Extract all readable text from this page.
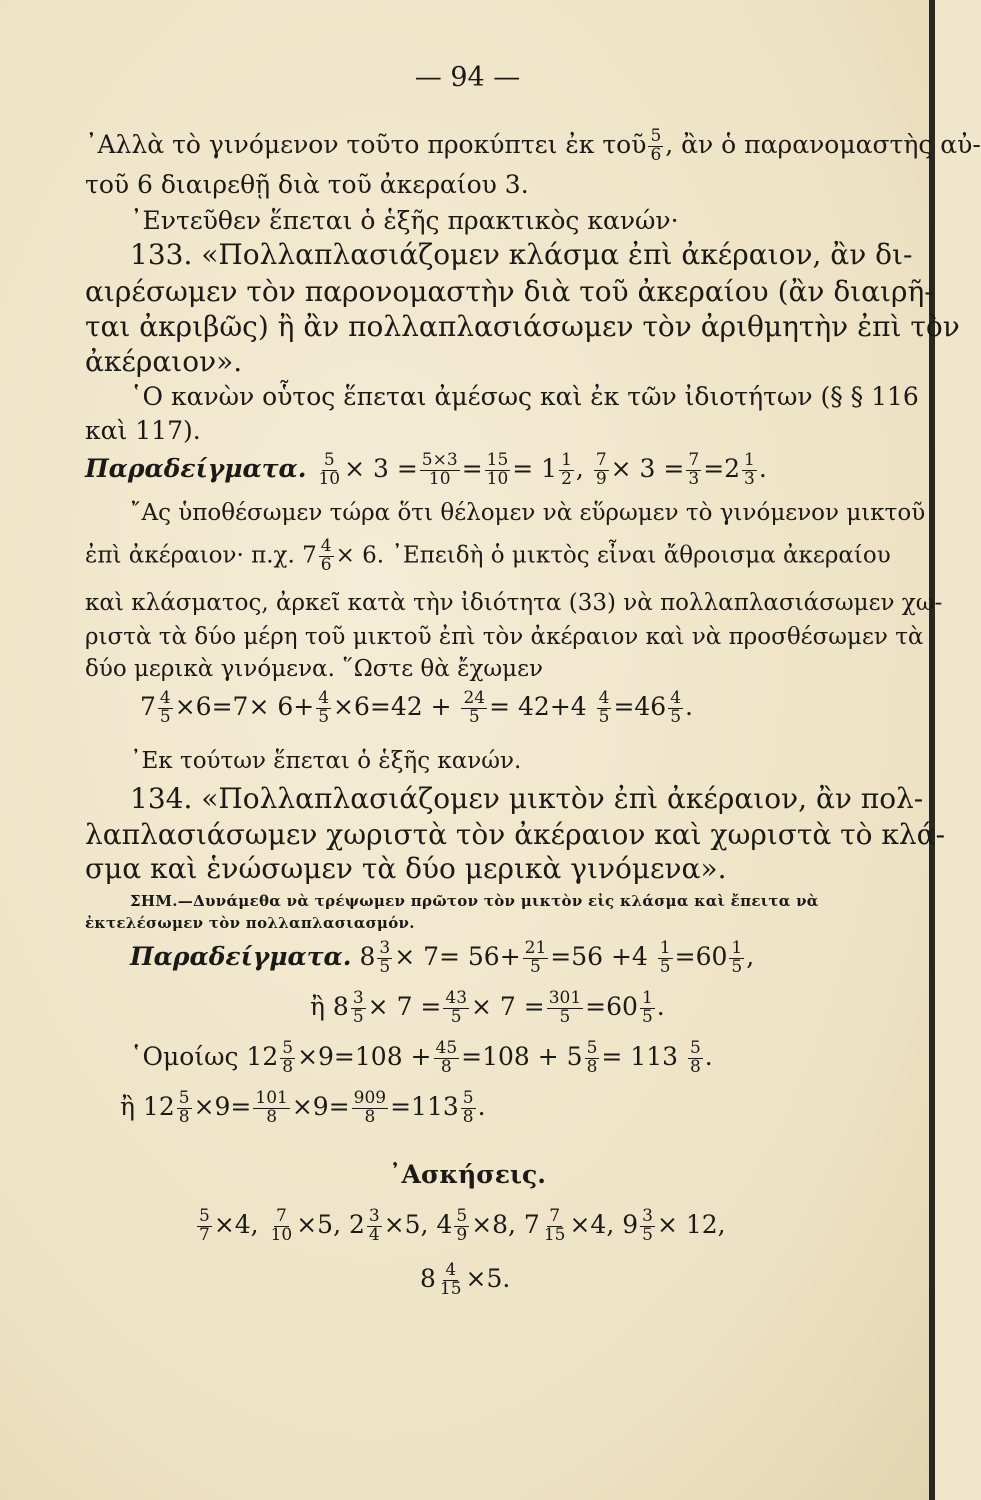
— 94 —
᾿Αλλὰ τὸ γινόμενον τοῦτο προκύπτει ἐκ τοῦ $\frac{5}{6}$ , ἂν ὁ παρανομαστὴς αὐ-
τοῦ 6 διαιρεθῇ διὰ τοῦ ἀκεραίου 3.
᾿Εντεῦθεν ἕπεται ὁ ἑξῆς πρακτικὸς κανών·
133. «Πολλαπλασιάζομεν κλάσμα ἐπὶ ἀκέραιον, ἂν δι-
αιρέσωμεν τὸν παρονομαστὴν διὰ τοῦ ἀκεραίου (ἂν διαιρῆ-
ται ἀκριβῶς) ἢ ἂν πολλαπλασιάσωμεν τὸν ἀριθμητὴν ἐπὶ τὸν
ἀκέραιον».
῾Ο κανὼν οὗτος ἕπεται ἀμέσως καὶ ἐκ τῶν ἰδιοτήτων (§ § 116
καὶ 117).
Παραδείγματα. $\frac{5}{10} \times 3 = \frac{5\times 3}{10} = \frac{15}{10} = 1 \frac{1}{2}$ , $\frac{7}{9} \times 3 = \frac{7}{3} =2 \frac{1}{3}$ .
῎Ας ὑποθέσωμεν τώρα ὅτι θέλομεν νὰ εὕρωμεν τὸ γινόμενον μικτοῦ
ἐπὶ ἀκέραιον· π.χ. $7 \frac{4}{6} \times 6$. ᾿Επειδὴ ὁ μικτὸς εἶναι ἄθροισμα ἀκεραίου
καὶ κλάσματος, ἀρκεῖ κατὰ τὴν ἰδιότητα (33) νὰ πολλαπλασιάσωμεν χω-
ριστὰ τὰ δύο μέρη τοῦ μικτοῦ ἐπὶ τὸν ἀκέραιον καὶ νὰ προσθέσωμεν τὰ
δύο μερικὰ γινόμενα. ῞Ωστε θὰ ἔχωμεν
$7 \frac{4}{5} \times 6=7\times 6+ \frac{4}{5} \times 6=42 + \frac{24}{5} = 42+4 \frac{4}{5} =46 \frac{4}{5}$ .
᾿Εκ τούτων ἕπεται ὁ ἑξῆς κανών.
134. «Πολλαπλασιάζομεν μικτὸν ἐπὶ ἀκέραιον, ἂν πολ-
λαπλασιάσωμεν χωριστὰ τὸν ἀκέραιον καὶ χωριστὰ τὸ κλά-
σμα καὶ ἑνώσωμεν τὰ δύο μερικὰ γινόμενα».
ΣΗΜ.—Δυνάμεθα νὰ τρέψωμεν πρῶτον τὸν μικτὸν εἰς κλάσμα καὶ ἔπειτα νὰ
ἐκτελέσωμεν τὸν πολλαπλασιασμόν.
Παραδείγματα. $8 \frac{3}{5} \times 7= 56+ \frac{21}{5} =56 +4 \frac{1}{5} =60 \frac{1}{5}$ ,
ἢ $8 \frac{3}{5} \times 7 = \frac{43}{5} \times 7 = \frac{301}{5} =60 \frac{1}{5}$ .
῾Ομοίως $12 \frac{5}{8} \times 9=108 + \frac{45}{8} =108 + 5 \frac{5}{8} = 113 \frac{5}{8}$ .
ἢ $12 \frac{5}{8} \times 9= \frac{101}{8} \times 9= \frac{909}{8} =113 \frac{5}{8}$ .
᾿Ασκήσεις.
$\frac{5}{7} \times 4$, $\frac{7}{10} \times 5$, $2 \frac{3}{4} \times 5$, $4 \frac{5}{9} \times 8$, $7 \frac{7}{15} \times 4$, $9 \frac{3}{5} \times 12$,
$8 \frac{4}{15} \times 5$.
